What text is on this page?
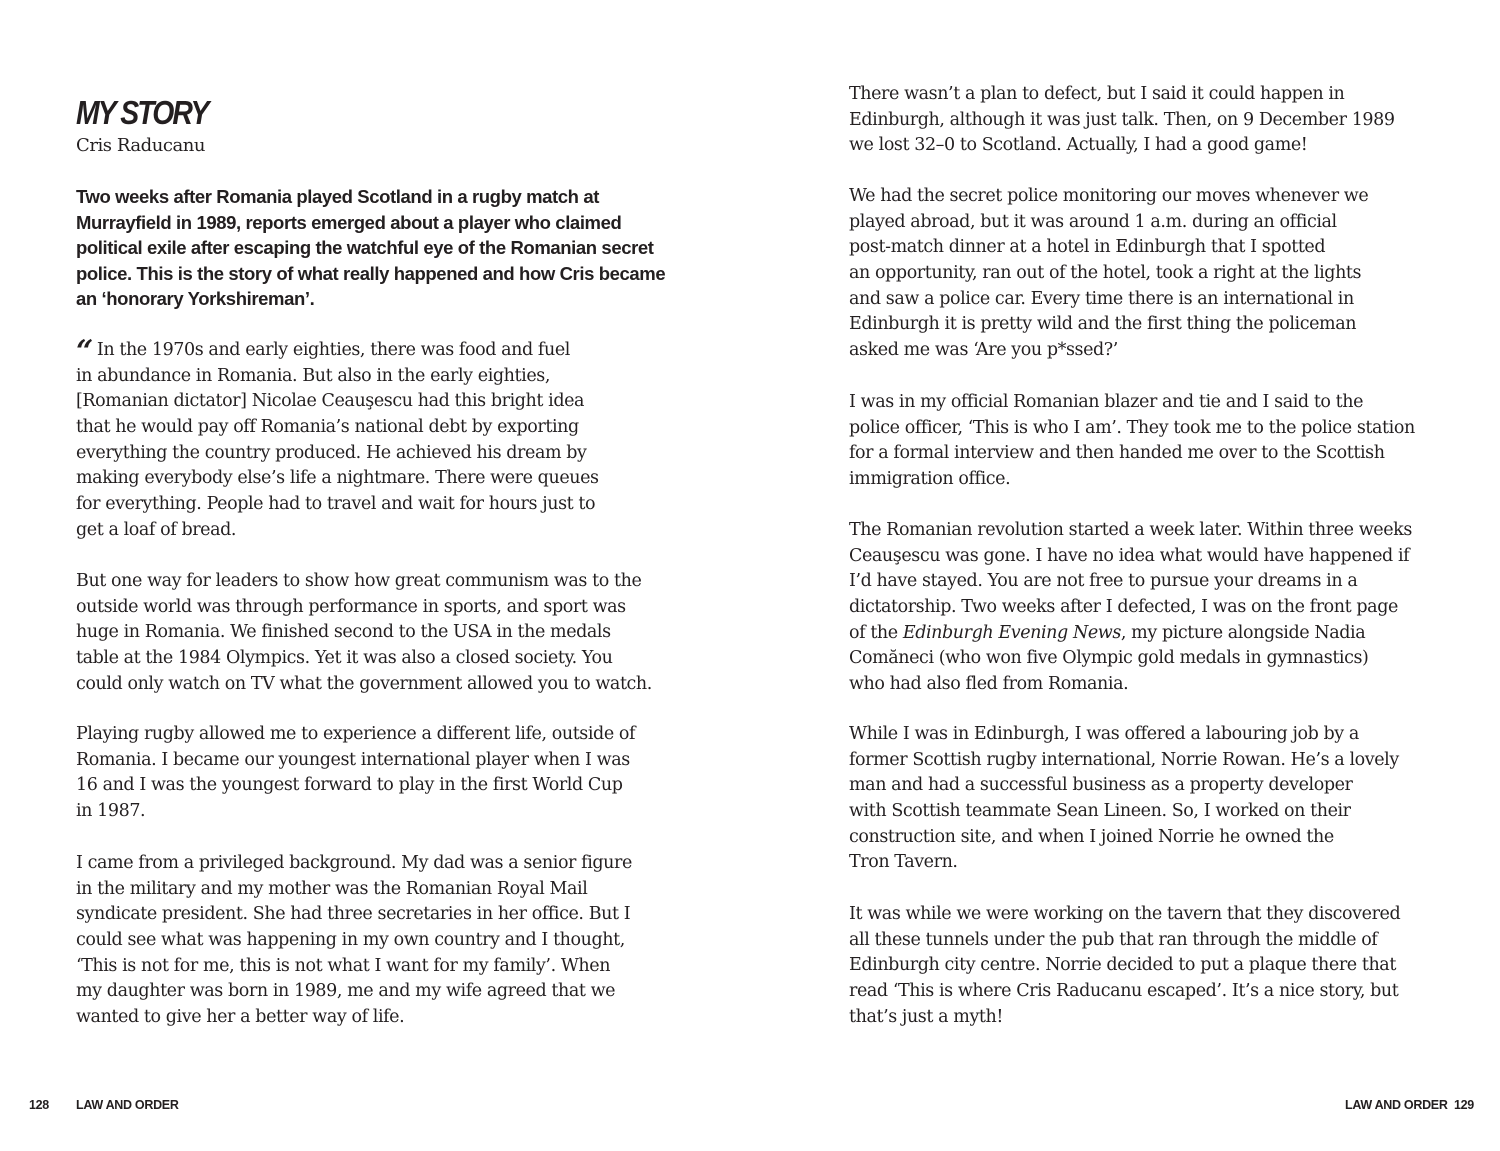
MY STORY
Cris Raducanu

Two weeks after Romania played Scotland in a rugby match at Murrayfield in 1989, reports emerged about a player who claimed political exile after escaping the watchful eye of the Romanian secret police. This is the story of what really happened and how Cris became an ‘honorary Yorkshireman’.

“ In the 1970s and early eighties, there was food and fuel
in abundance in Romania. But also in the early eighties,
[Romanian dictator] Nicolae Ceauşescu had this bright idea
that he would pay off Romania’s national debt by exporting
everything the country produced. He achieved his dream by
making everybody else’s life a nightmare. There were queues
for everything. People had to travel and wait for hours just to
get a loaf of bread.

But one way for leaders to show how great communism was to the
outside world was through performance in sports, and sport was
huge in Romania. We finished second to the USA in the medals
table at the 1984 Olympics. Yet it was also a closed society. You
could only watch on TV what the government allowed you to watch.

Playing rugby allowed me to experience a different life, outside of
Romania. I became our youngest international player when I was
16 and I was the youngest forward to play in the first World Cup
in 1987.

I came from a privileged background. My dad was a senior figure
in the military and my mother was the Romanian Royal Mail
syndicate president. She had three secretaries in her office. But I
could see what was happening in my own country and I thought,
‘This is not for me, this is not what I want for my family’. When
my daughter was born in 1989, me and my wife agreed that we
wanted to give her a better way of life.

128 LAW AND ORDER

There wasn’t a plan to defect, but I said it could happen in
Edinburgh, although it was just talk. Then, on 9 December 1989
we lost 32–0 to Scotland. Actually, I had a good game!

We had the secret police monitoring our moves whenever we
played abroad, but it was around 1 a.m. during an official
post-match dinner at a hotel in Edinburgh that I spotted
an opportunity, ran out of the hotel, took a right at the lights
and saw a police car. Every time there is an international in
Edinburgh it is pretty wild and the first thing the policeman
asked me was ‘Are you p*ssed?’

I was in my official Romanian blazer and tie and I said to the
police officer, ‘This is who I am’. They took me to the police station
for a formal interview and then handed me over to the Scottish
immigration office.

The Romanian revolution started a week later. Within three weeks
Ceauşescu was gone. I have no idea what would have happened if
I’d have stayed. You are not free to pursue your dreams in a
dictatorship. Two weeks after I defected, I was on the front page
of the Edinburgh Evening News, my picture alongside Nadia
Comăneci (who won five Olympic gold medals in gymnastics)
who had also fled from Romania.

While I was in Edinburgh, I was offered a labouring job by a
former Scottish rugby international, Norrie Rowan. He’s a lovely
man and had a successful business as a property developer
with Scottish teammate Sean Lineen. So, I worked on their
construction site, and when I joined Norrie he owned the
Tron Tavern.

It was while we were working on the tavern that they discovered
all these tunnels under the pub that ran through the middle of
Edinburgh city centre. Norrie decided to put a plaque there that
read ‘This is where Cris Raducanu escaped’. It’s a nice story, but
that’s just a myth!

LAW AND ORDER 129
